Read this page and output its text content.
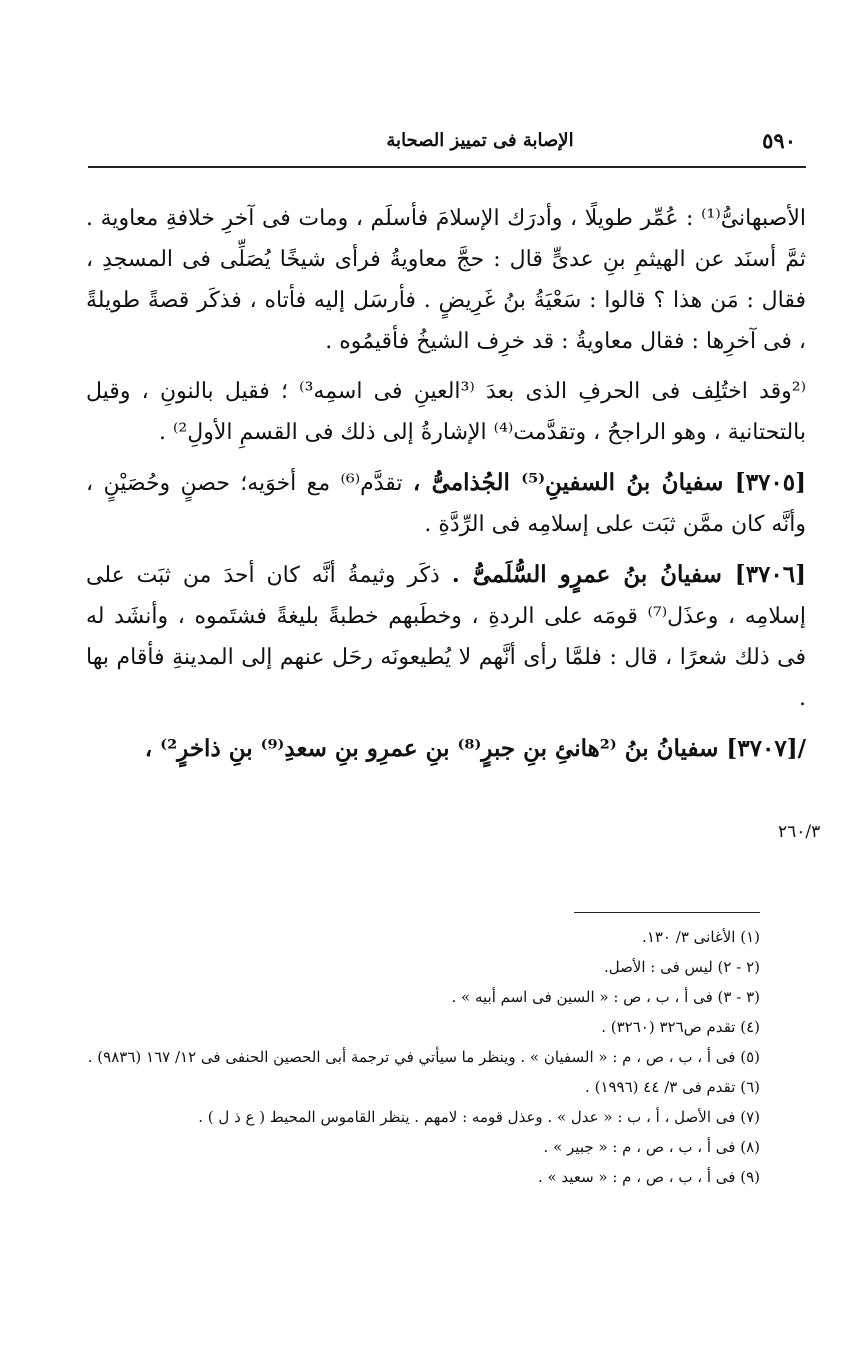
٥٩٠
الإصابة فى تمييز الصحابة

الأصبهانىُّ⁽¹⁾ : عُمِّر طويلًا ، وأدرَك الإسلامَ فأسلَم ، ومات فى آخرِ خلافةِ معاوية . ثمَّ أسنَد عن الهيثمِ بنِ عدىٍّ قال : حجَّ معاويةُ فرأى شيخًا يُصَلِّى فى المسجدِ ، فقال : مَن هذا ؟ قالوا : سَعْيَةُ بنُ غَرِيضٍ . فأرسَل إليه فأتاه ، فذكَر قصةً طويلةً ، فى آخرِها : فقال معاويةُ : قد خرِف الشيخُ فأقيمُوه .

⁽²وقد اختُلِف فى الحرفِ الذى بعدَ ⁽³العينِ فى اسمِه³⁾ ؛ فقيل بالنونِ ، وقيل بالتحتانية ، وهو الراجحُ ، وتقدَّمت⁽⁴⁾ الإشارةُ إلى ذلك فى القسمِ الأولِ²⁾ .

[٣٧٠٥] سفيانُ بنُ السفينِ⁽⁵⁾ الجُذامىُّ ، تقدَّم⁽⁶⁾ مع أخوَيه؛ حصنٍ وحُصَيْنٍ ، وأنَّه كان ممَّن ثبَت على إسلامِه فى الرِّدَّةِ .

[٣٧٠٦] سفيانُ بنُ عمرٍو السُّلَمىُّ . ذكَر وثيمةُ أنَّه كان أحدَ من ثبَت على إسلامِه ، وعذَل⁽⁷⁾ قومَه على الردةِ ، وخطَبهم خطبةً بليغةً فشتَموه ، وأنشَد له فى ذلك شعرًا ، قال : فلمَّا رأى أنَّهم لا يُطيعونَه رحَل عنهم إلى المدينةِ فأقام بها .

/[٣٧٠٧] سفيانُ بنُ ⁽²هانئِ بنِ جبرٍ⁽⁸⁾ بنِ عمرِو بنِ سعدِ⁽⁹⁾ بنِ ذاخرٍ²⁾ ،

٢٦٠/٣
(١) الأغانى ٣/ ١٣٠.
(٢ - ٢) ليس فى : الأصل.
(٣ - ٣) فى أ ، ب ، ص : « السين فى اسم أبيه » .
(٤) تقدم ص٣٢٦ (٣٢٦٠) .
(٥) فى أ ، ب ، ص ، م : « السفيان » . وينظر ما سيأتي في ترجمة أبى الحصين الحنفى فى ١٢/ ١٦٧ (٩٨٣٦) .
(٦) تقدم فى ٣/ ٤٤ (١٩٩٦) .
(٧) فى الأصل ، أ ، ب : « عدل » . وعذل قومه : لامهم . ينظر القاموس المحيط ( ع ذ ل ) .
(٨) فى أ ، ب ، ص ، م : « جبير » .
(٩) فى أ ، ب ، ص ، م : « سعيد » .
